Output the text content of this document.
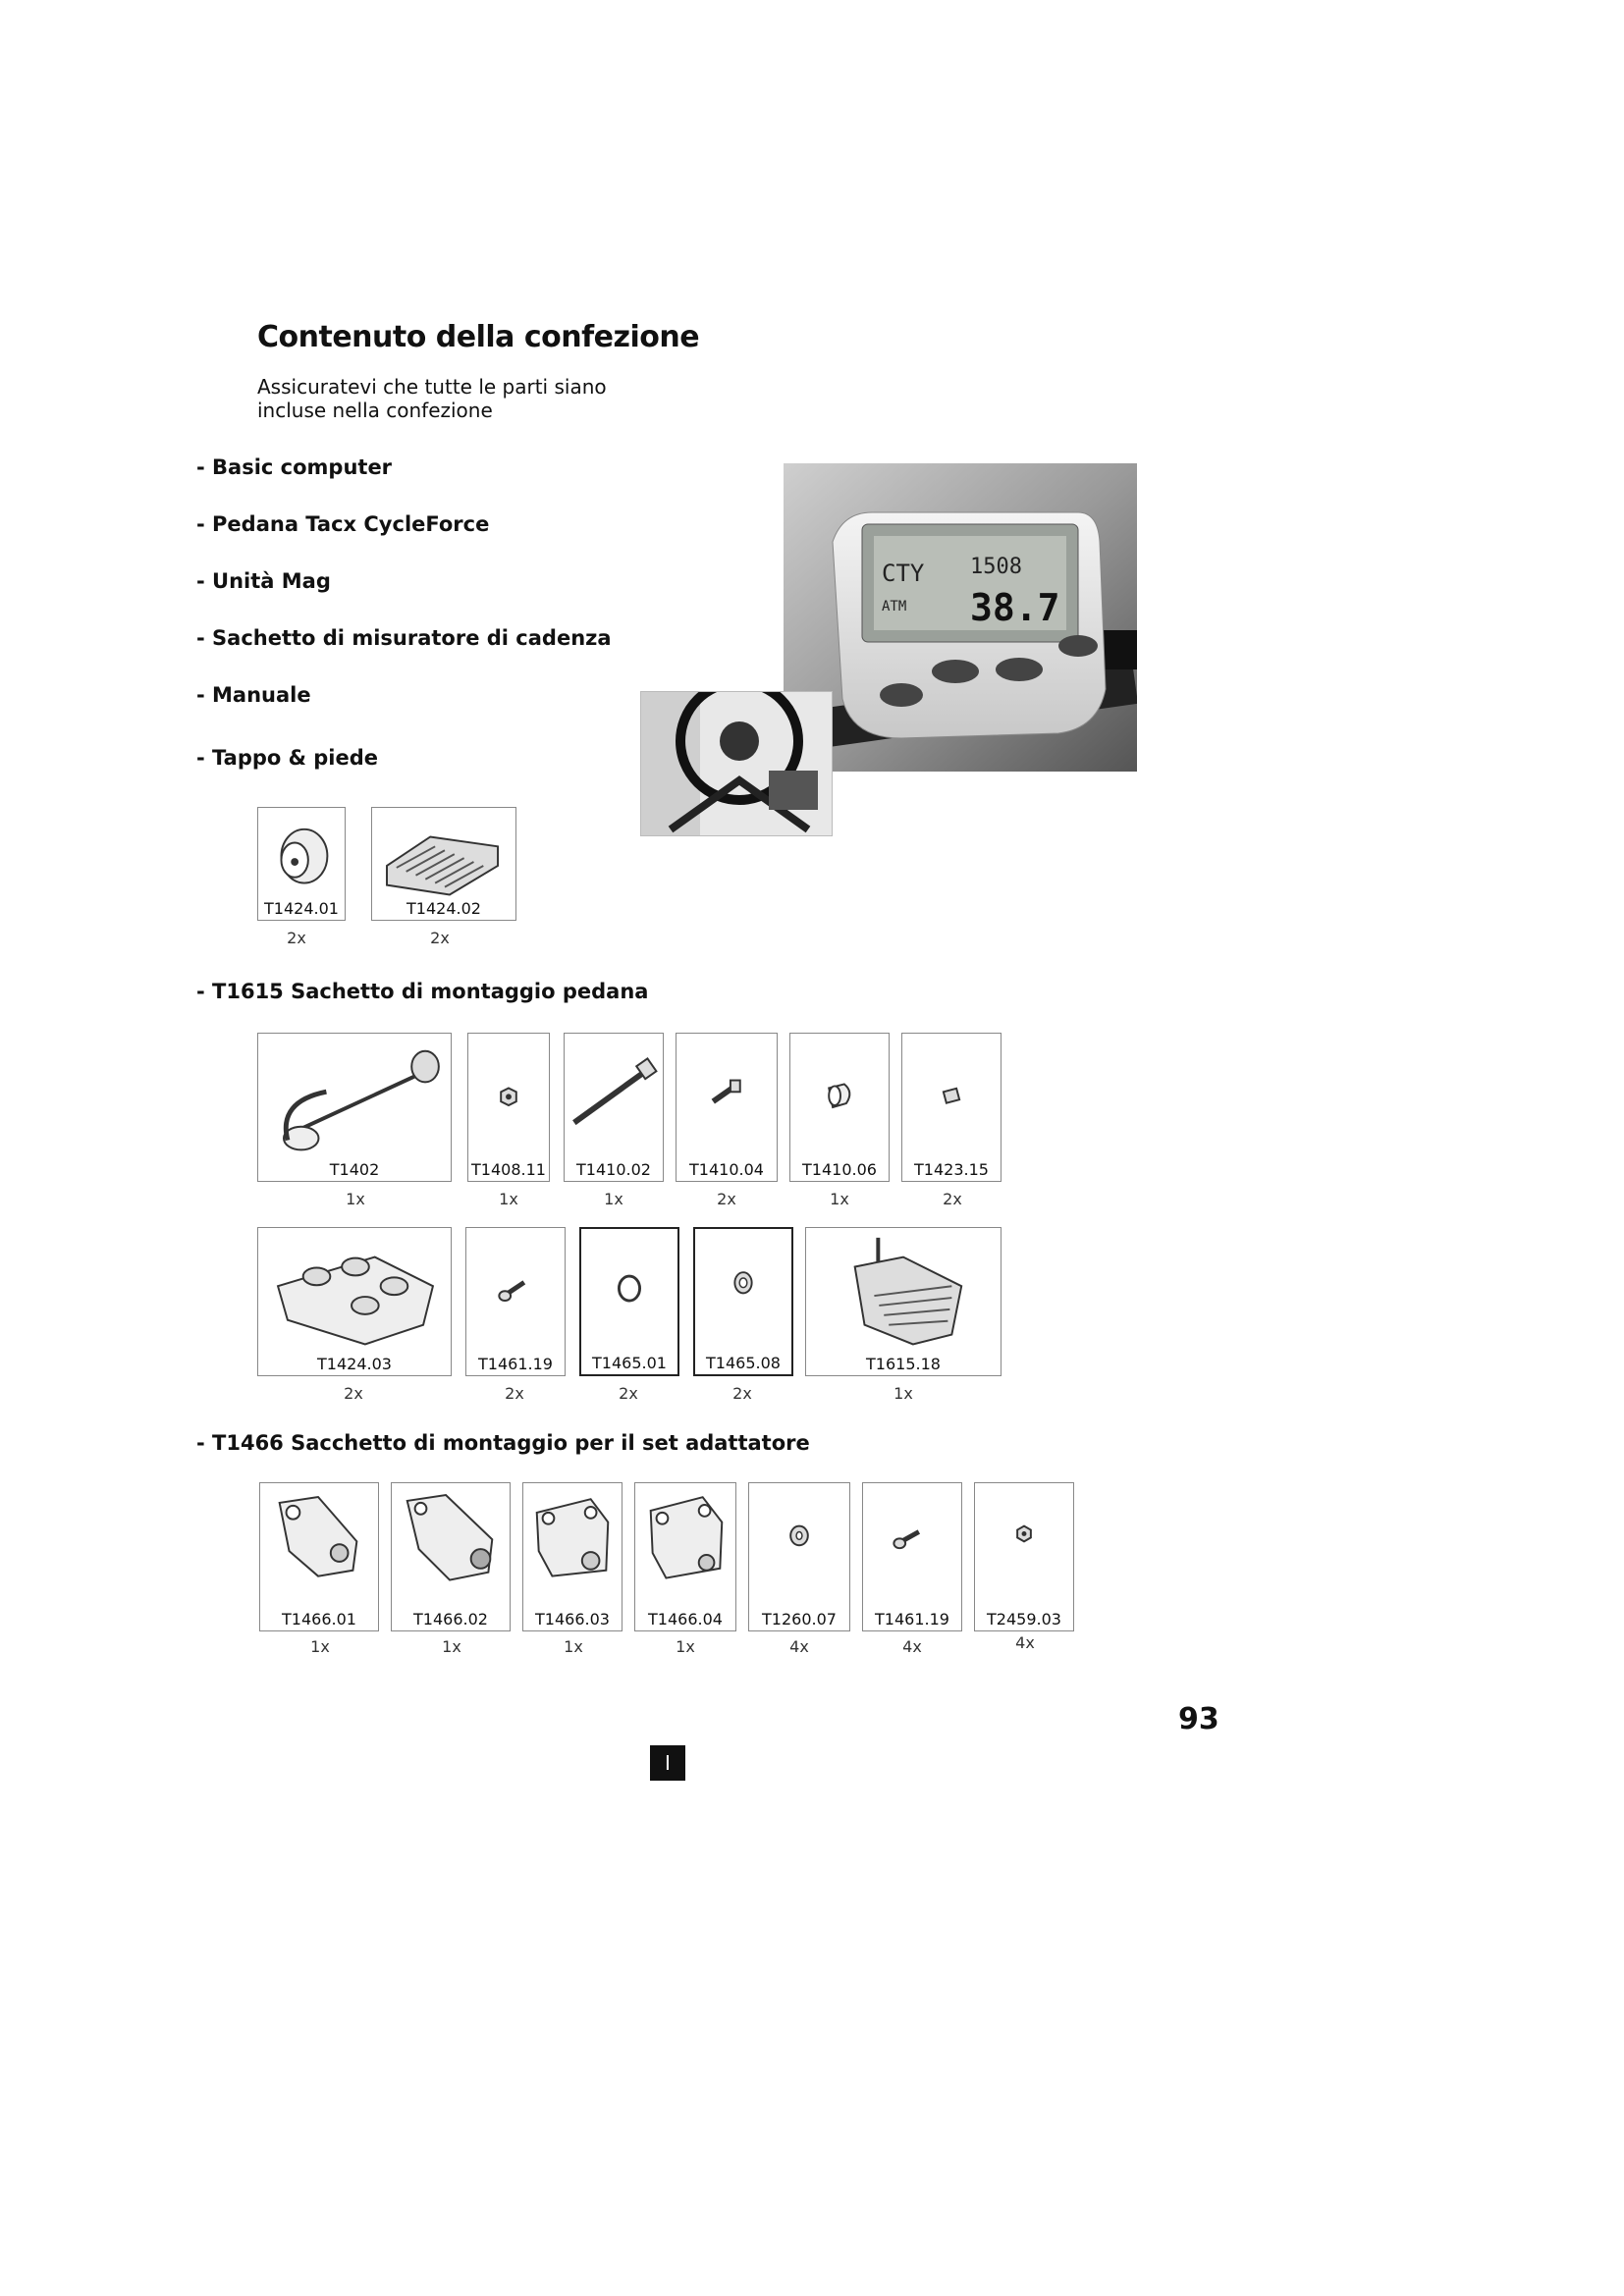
Contenuto della confezione
Assicuratevi che tutte le parti siano
incluse nella confezione
- Basic computer
- Pedana Tacx CycleForce
- Unità Mag
- Sachetto di misuratore di cadenza
- Manuale
- Tappo & piede
CTY 1508
38.7
ATM
T1424.01
2x
T1424.02
2x
- T1615 Sachetto di montaggio pedana
T1402
1x
T1408.11
1x
T1410.02
1x
T1410.04
2x
T1410.06
1x
T1423.15
2x
T1424.03
2x
T1461.19
2x
T1465.01
2x
T1465.08
2x
T1615.18
1x
- T1466 Sacchetto di montaggio per il set adattatore
T1466.01
1x
T1466.02
1x
T1466.03
1x
T1466.04
1x
T1260.07
4x
T1461.19
4x
T2459.03
4x
93
I
